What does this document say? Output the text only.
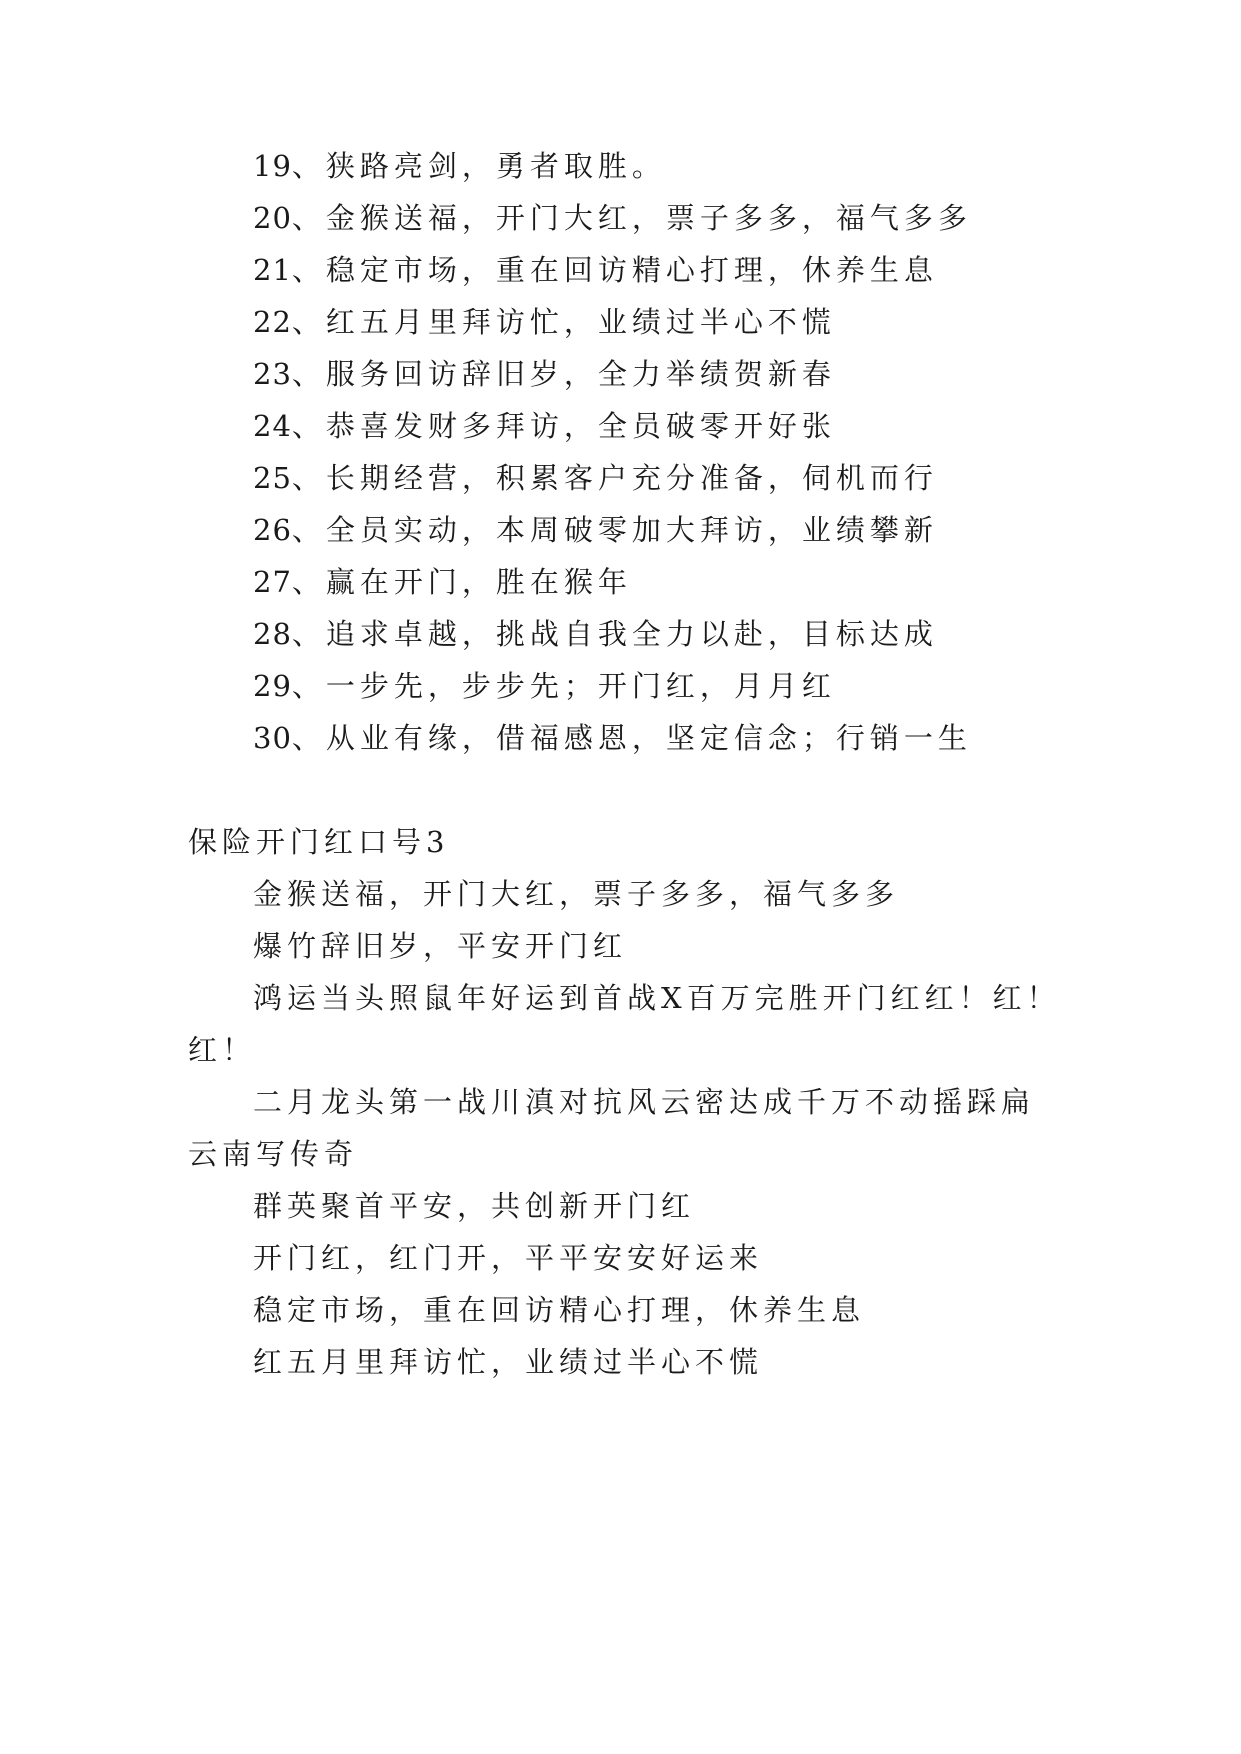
19、狭路亮剑，勇者取胜。
20、金猴送福，开门大红，票子多多，福气多多
21、稳定市场，重在回访精心打理，休养生息
22、红五月里拜访忙，业绩过半心不慌
23、服务回访辞旧岁，全力举绩贺新春
24、恭喜发财多拜访，全员破零开好张
25、长期经营，积累客户充分准备，伺机而行
26、全员实动，本周破零加大拜访，业绩攀新
27、赢在开门，胜在猴年
28、追求卓越，挑战自我全力以赴，目标达成
29、一步先，步步先；开门红，月月红
30、从业有缘，借福感恩，坚定信念；行销一生
保险开门红口号3
金猴送福，开门大红，票子多多，福气多多
爆竹辞旧岁，平安开门红
鸿运当头照鼠年好运到首战X百万完胜开门红红！红！
红！
二月龙头第一战川滇对抗风云密达成千万不动摇踩扁
云南写传奇
群英聚首平安，共创新开门红
开门红，红门开，平平安安好运来
稳定市场，重在回访精心打理，休养生息
红五月里拜访忙，业绩过半心不慌
